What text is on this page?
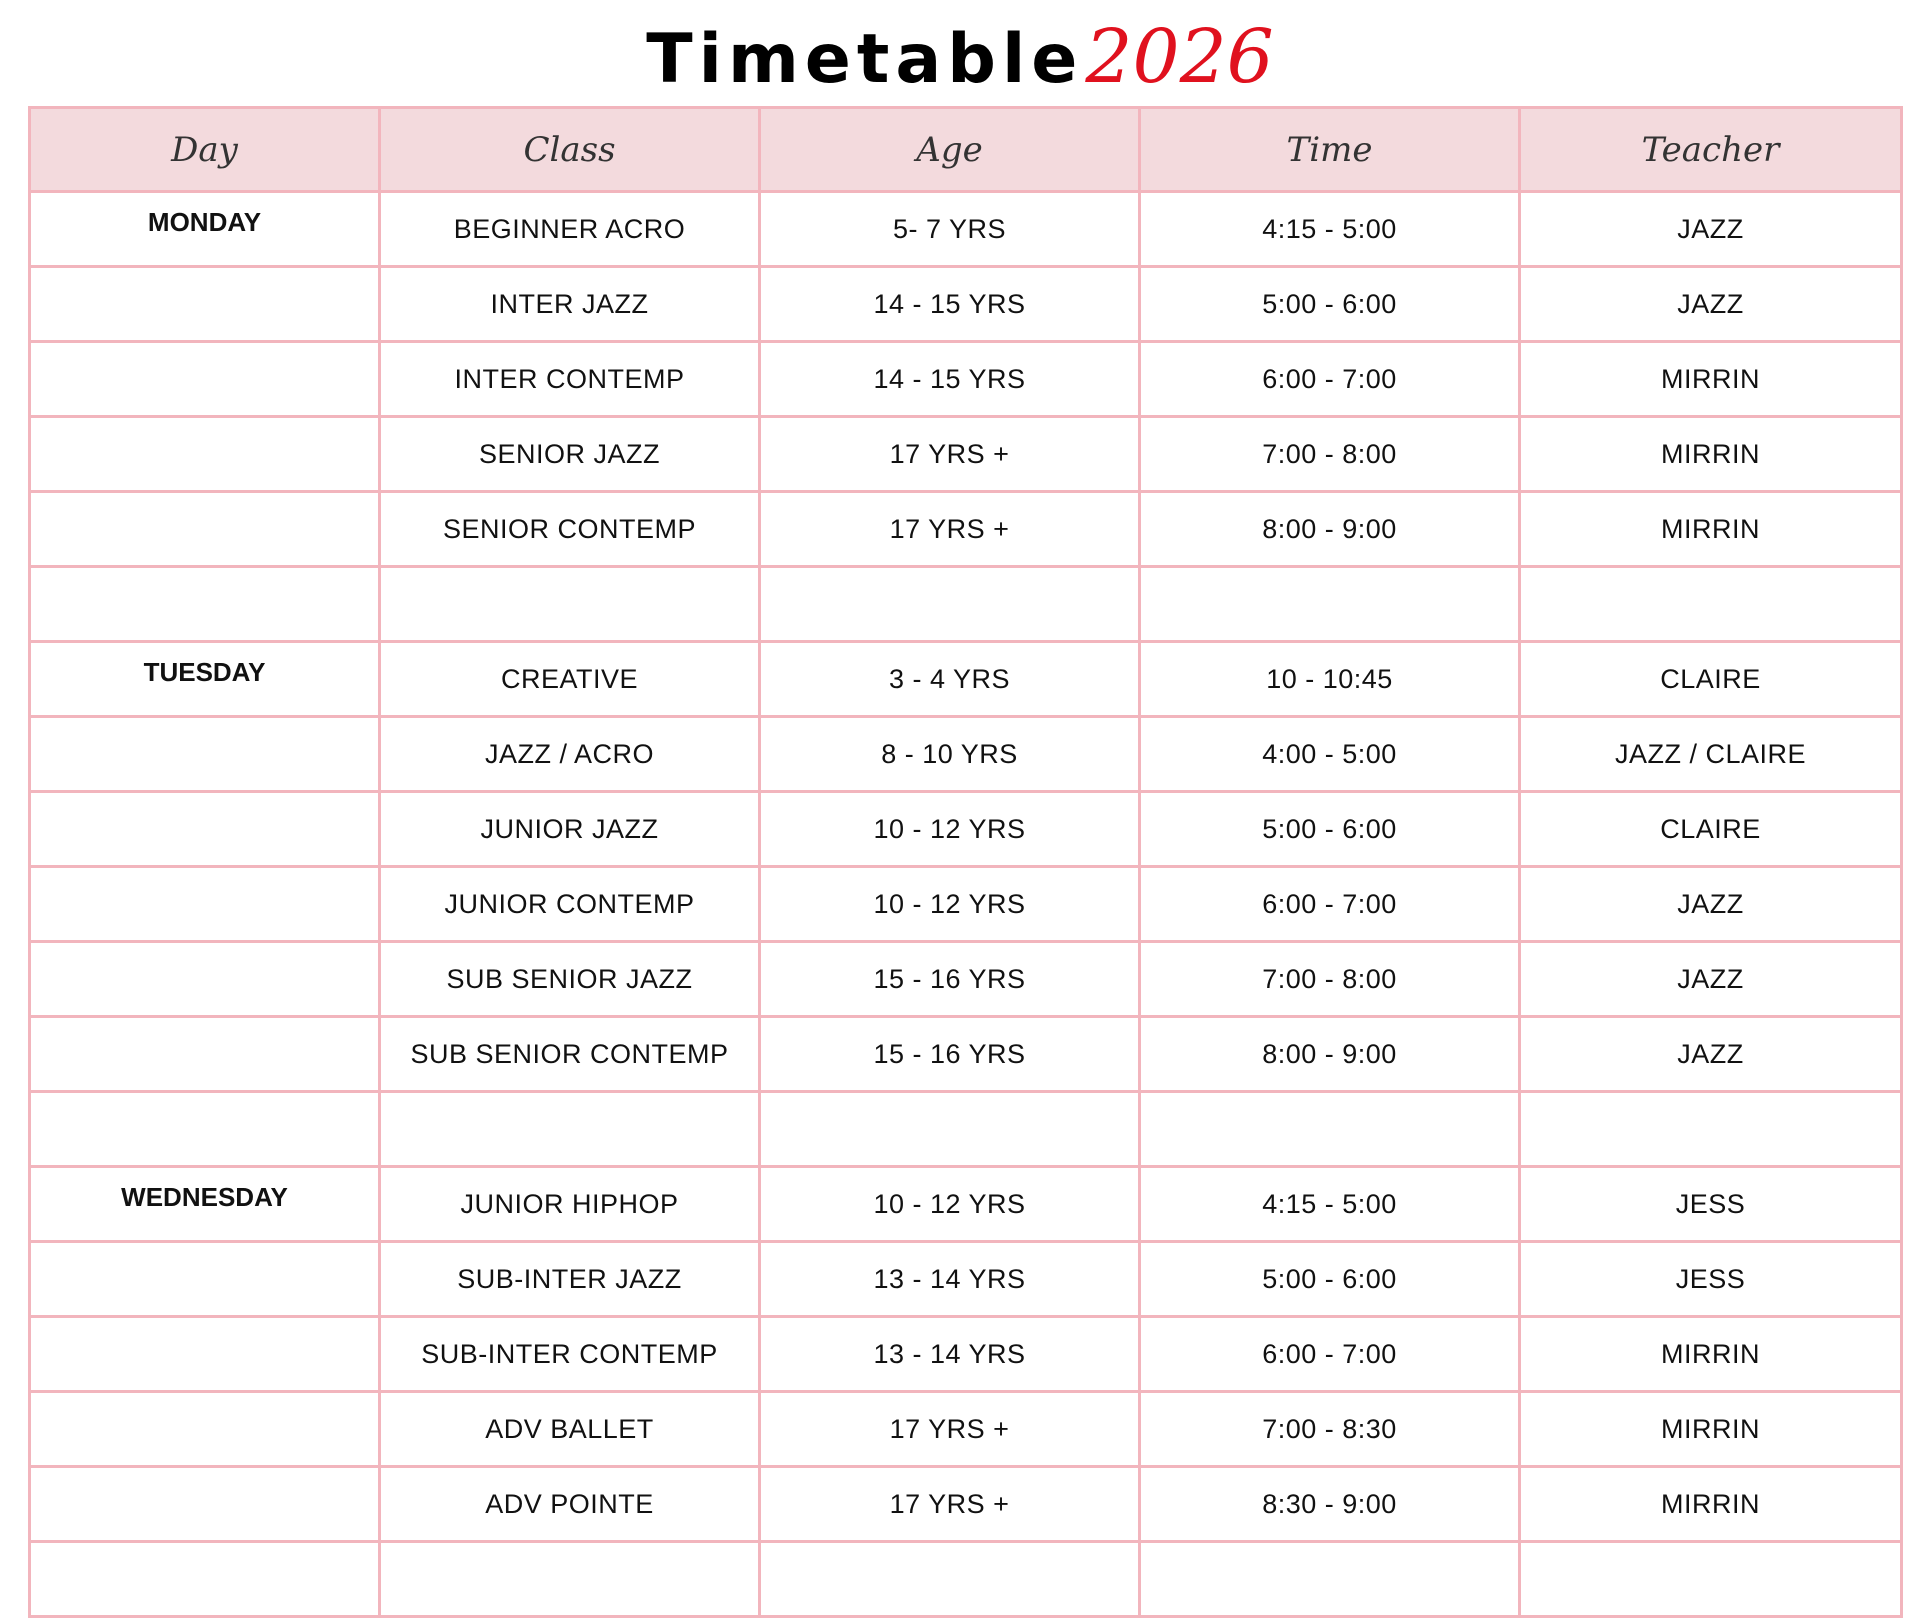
Timetable2026
Day	Class	Age	Time	Teacher
MONDAY	BEGINNER ACRO	5- 7 YRS	4:15 - 5:00	JAZZ
	INTER JAZZ	14 - 15 YRS	5:00 - 6:00	JAZZ
	INTER CONTEMP	14 - 15 YRS	6:00 - 7:00	MIRRIN
	SENIOR JAZZ	17 YRS +	7:00 - 8:00	MIRRIN
	SENIOR CONTEMP	17 YRS +	8:00 - 9:00	MIRRIN

TUESDAY	CREATIVE	3 - 4 YRS	10 - 10:45	CLAIRE
	JAZZ / ACRO	8 - 10 YRS	4:00 - 5:00	JAZZ / CLAIRE
	JUNIOR JAZZ	10 - 12 YRS	5:00 - 6:00	CLAIRE
	JUNIOR CONTEMP	10 - 12 YRS	6:00 - 7:00	JAZZ
	SUB SENIOR JAZZ	15 - 16 YRS	7:00 - 8:00	JAZZ
	SUB SENIOR CONTEMP	15 - 16 YRS	8:00 - 9:00	JAZZ

WEDNESDAY	JUNIOR HIPHOP	10 - 12 YRS	4:15 - 5:00	JESS
	SUB-INTER JAZZ	13 - 14 YRS	5:00 - 6:00	JESS
	SUB-INTER CONTEMP	13 - 14 YRS	6:00 - 7:00	MIRRIN
	ADV BALLET	17 YRS +	7:00 - 8:30	MIRRIN
	ADV POINTE	17 YRS +	8:30 - 9:00	MIRRIN
